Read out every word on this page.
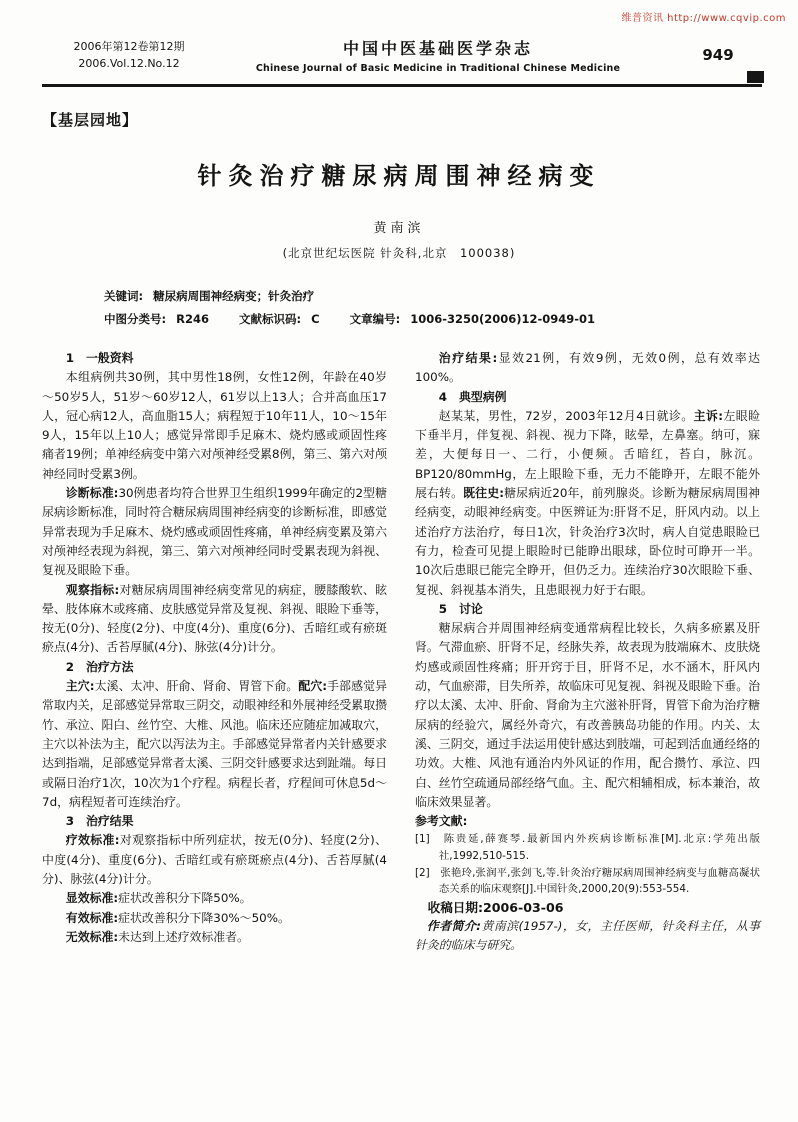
维普资讯 http://www.cqvip.com
2006年第12卷第12期
2006.Vol.12.No.12
中国中医基础医学杂志
Chinese Journal of Basic Medicine in Traditional Chinese Medicine
949
【基层园地】
针灸治疗糖尿病周围神经病变
黄南滨
(北京世纪坛医院 针灸科,北京　100038)
关键词: 糖尿病周围神经病变；针灸治疗
中图分类号: R246	文献标识码: C	文章编号: 1006-3250(2006)12-0949-01

1　一般资料

本组病例共30例，其中男性18例，女性12例，年龄在40岁～50岁5人，51岁～60岁12人，61岁以上13人；合并高血压17人，冠心病12人，高血脂15人；病程短于10年11人，10～15年9人，15年以上10人；感觉异常即手足麻木、烧灼感或顽固性疼痛者19例；单神经病变中第六对颅神经受累8例，第三、第六对颅神经同时受累3例。

诊断标准:30例患者均符合世界卫生组织1999年确定的2型糖尿病诊断标准，同时符合糖尿病周围神经病变的诊断标准，即感觉异常表现为手足麻木、烧灼感或顽固性疼痛，单神经病变累及第六对颅神经表现为斜视，第三、第六对颅神经同时受累表现为斜视、复视及眼睑下垂。

观察指标:对糖尿病周围神经病变常见的病症，腰膝酸软、眩晕、肢体麻木或疼痛、皮肤感觉异常及复视、斜视、眼睑下垂等，按无(0分)、轻度(2分)、中度(4分)、重度(6分)、舌暗红或有瘀斑瘀点(4分)、舌苔厚腻(4分)、脉弦(4分)计分。

2　治疗方法

主穴:太溪、太冲、肝俞、肾俞、胃管下俞。配穴:手部感觉异常取内关，足部感觉异常取三阴交，动眼神经和外展神经受累取攒竹、承泣、阳白、丝竹空、大椎、风池。临床还应随症加减取穴，主穴以补法为主，配穴以泻法为主。手部感觉异常者内关针感要求达到指端，足部感觉异常者太溪、三阴交针感要求达到趾端。每日或隔日治疗1次，10次为1个疗程。病程长者，疗程间可休息5d～7d，病程短者可连续治疗。

3　治疗结果

疗效标准:对观察指标中所列症状，按无(0分)、轻度(2分)、中度(4分)、重度(6分)、舌暗红或有瘀斑瘀点(4分)、舌苔厚腻(4分)、脉弦(4分)计分。

显效标准:症状改善积分下降50%。

有效标准:症状改善积分下降30%～50%。

无效标准:未达到上述疗效标准者。

治疗结果:显效21例，有效9例，无效0例，总有效率达100%。

4　典型病例

赵某某，男性，72岁，2003年12月4日就诊。主诉:左眼睑下垂半月，伴复视、斜视、视力下降，眩晕，左鼻塞。纳可，寐差，大便每日一、二行，小便频。舌暗红，苔白，脉沉。BP120/80mmHg，左上眼睑下垂，无力不能睁开，左眼不能外展右转。既往史:糖尿病近20年，前列腺炎。诊断为糖尿病周围神经病变，动眼神经病变。中医辨证为:肝肾不足，肝风内动。以上述治疗方法治疗，每日1次，针灸治疗3次时，病人自觉患眼睑已有力，检查可见提上眼睑时已能睁出眼球，卧位时可睁开一半。10次后患眼已能完全睁开，但仍乏力。连续治疗30次眼睑下垂、复视、斜视基本消失，且患眼视力好于右眼。

5　讨论

糖尿病合并周围神经病变通常病程比较长，久病多瘀累及肝肾。气滞血瘀、肝肾不足，经脉失养，故表现为肢端麻木、皮肤烧灼感或顽固性疼痛；肝开窍于目，肝肾不足，水不涵木，肝风内动，气血瘀滞，目失所养，故临床可见复视、斜视及眼睑下垂。治疗以太溪、太冲、肝俞、肾俞为主穴滋补肝肾，胃管下俞为治疗糖尿病的经验穴，属经外奇穴，有改善胰岛功能的作用。内关、太溪、三阴交，通过手法运用使针感达到肢端，可起到活血通经络的功效。大椎、风池有通治内外风证的作用，配合攒竹、承泣、四白、丝竹空疏通局部经络气血。主、配穴相辅相成，标本兼治，故临床效果显著。

参考文献:

[1]　陈贵延,薛赛琴.最新国内外疾病诊断标准[M].北京:学苑出版社,1992,510-515.

[2]　张艳玲,张润平,张剑飞,等.针灸治疗糖尿病周围神经病变与血糖高凝状态关系的临床观察[J].中国针灸,2000,20(9):553-554.

收稿日期:2006-03-06

作者简介:黄南滨(1957-)，女，主任医师，针灸科主任，从事针灸的临床与研究。
